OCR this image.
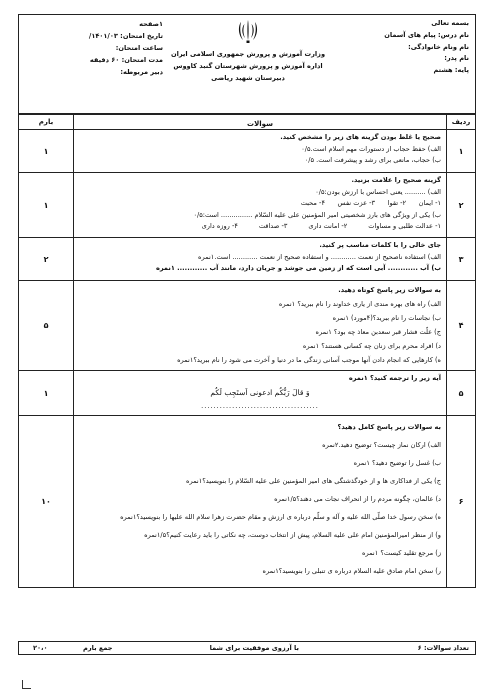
بسمه تعالی
نام درس: پیام های آسمان
نام ونام خانوادگی:
نام پدر:
پایه: هشتم
وزارت آموزش و پرورش جمهوری اسلامی ایران
اداره آموزش و پرورش شهرستان گنبد کاووس
دبیرستان شهید ریاضی
۱صفحه
تاریخ امتحان: ۱۴۰۱/۰۳/
ساعت امتحان:
مدت امتحان: ۶۰ دقیقه
دبیر مربوطه:
ردیف
سوالات
بارم
۱
صحیح یا غلط بودن گزینه های زیر را مشخص کنید.
الف) حفظ حجاب از دستورات مهم اسلام است.۰/۵
ب) حجاب، مانعی برای رشد و پیشرفت است. ۰/۵
۱
۲
گزینه صحیح را علامت بزنید.
الف) .......... یعنی احساس با ارزش بودن:۰/۵
۱- ایمان      ۲- تقوا      ۳- عزت نفس      ۴- محبت
ب) یکی از ویژگی های بارز شخصیتی امیر المؤمنین علی علیه السّلام ............... است:۰/۵
۱- عدالت طلبی و مساوات          ۲- امانت داری          ۳- صداقت          ۴- روزه داری
۱
۳
جای خالی را با کلمات مناسب پر کنید.
الف) استفاده ناصحیح از نعمت ............ و استفاده صحیح از نعمت ............ است.۱نمره
ب) آب ............ آبی است که از زمین می جوشد و جریان دارد، مانند آب ............ ۱نمره
۲
۴
به سوالات زیر پاسخ کوتاه دهید.
الف) راه های بهره مندی از یاری خداوند را نام ببرید؟ ۱نمره
ب) نجاسات را نام ببرید؟(۴مورد) ۱نمره
ج) علّت فشار قبر سعدبن معاذ چه بود؟ ۱نمره
د) افراد محرم برای زنان چه کسانی هستند؟ ۱نمره
ه) کارهایی که انجام دادن آنها موجب آسانی زندگی ما در دنیا و آخرت می شود را نام ببرید؟۱نمره
۵
۵
آیه زیر را ترجمه کنید؟ ۱نمره
وَ قالَ رَبُّکُم ادعونی اَستَجِب لَکُم
......................................
۱
۶
به سوالات زیر پاسخ کامل دهید؟
الف) ارکان نماز چیست؟ توضیح دهید.۲نمره
ب) غسل را توضیح دهید؟ ۱نمره
ج) یکی از فداکاری ها و از خودگذشتگی های امیر المؤمنین علی علیه السّلام را بنویسید؟۱نمره
د) عالمان، چگونه مردم را از انحراف نجات می دهند؟۱/۵نمره
ه) سخن رسول خدا صلّی الله علیه و آله و سلّم درباره ی ارزش و مقام حضرت زهرا سلام الله علیها را بنویسید؟۱نمره
و) از منظر امیرالمؤمنین امام علی علیه السلام، پیش از انتخاب دوست، چه نکاتی را باید رعایت کنیم؟۱/۵نمره
ز) مرجع تقلید کیست؟ ۱نمره
ر) سخن امام صادق علیه السلام درباره ی تنبلی را بنویسید؟۱نمره
۱۰
تعداد سوالات: ۶
با آرزوی موفقیت برای شما
جمع بارم
۲۰،۰
